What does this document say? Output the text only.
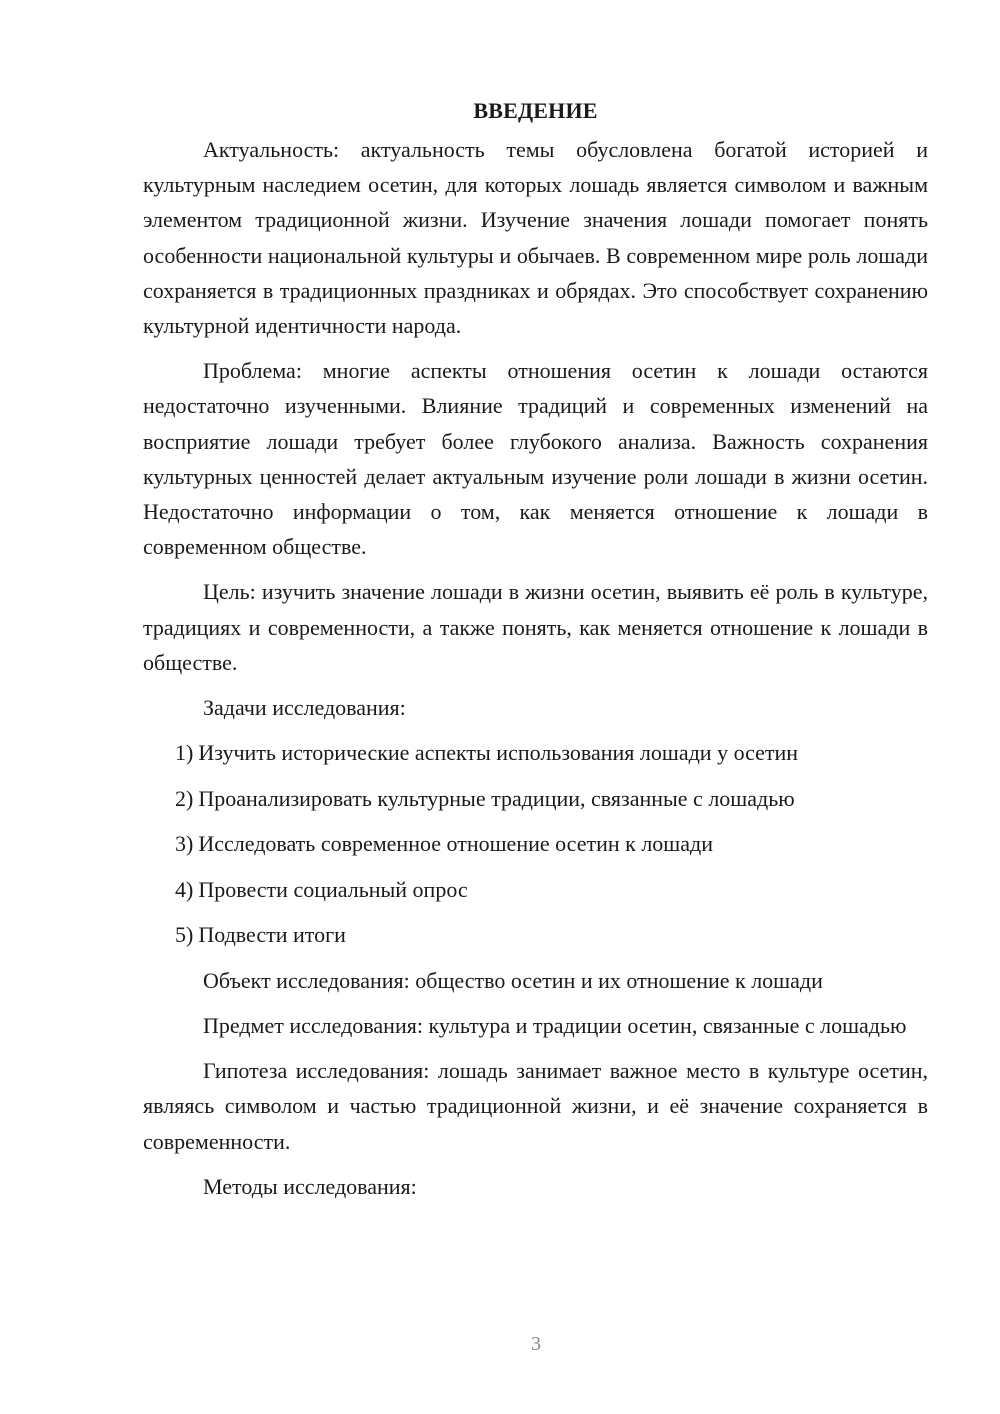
ВВЕДЕНИЕ

Актуальность: актуальность темы обусловлена богатой историей и культурным наследием осетин, для которых лошадь является символом и важным элементом традиционной жизни. Изучение значения лошади помогает понять особенности национальной культуры и обычаев. В современном мире роль лошади сохраняется в традиционных праздниках и обрядах. Это способствует сохранению культурной идентичности народа.

Проблема: многие аспекты отношения осетин к лошади остаются недостаточно изученными. Влияние традиций и современных изменений на восприятие лошади требует более глубокого анализа. Важность сохранения культурных ценностей делает актуальным изучение роли лошади в жизни осетин. Недостаточно информации о том, как меняется отношение к лошади в современном обществе.

Цель: изучить значение лошади в жизни осетин, выявить её роль в культуре, традициях и современности, а также понять, как меняется отношение к лошади в обществе.

Задачи исследования:

1) Изучить исторические аспекты использования лошади у осетин
2) Проанализировать культурные традиции, связанные с лошадью
3) Исследовать современное отношение осетин к лошади
4) Провести социальный опрос
5) Подвести итоги

Объект исследования: общество осетин и их отношение к лошади

Предмет исследования: культура и традиции осетин, связанные с лошадью

Гипотеза исследования: лошадь занимает важное место в культуре осетин, являясь символом и частью традиционной жизни, и её значение сохраняется в современности.

Методы исследования:

3
